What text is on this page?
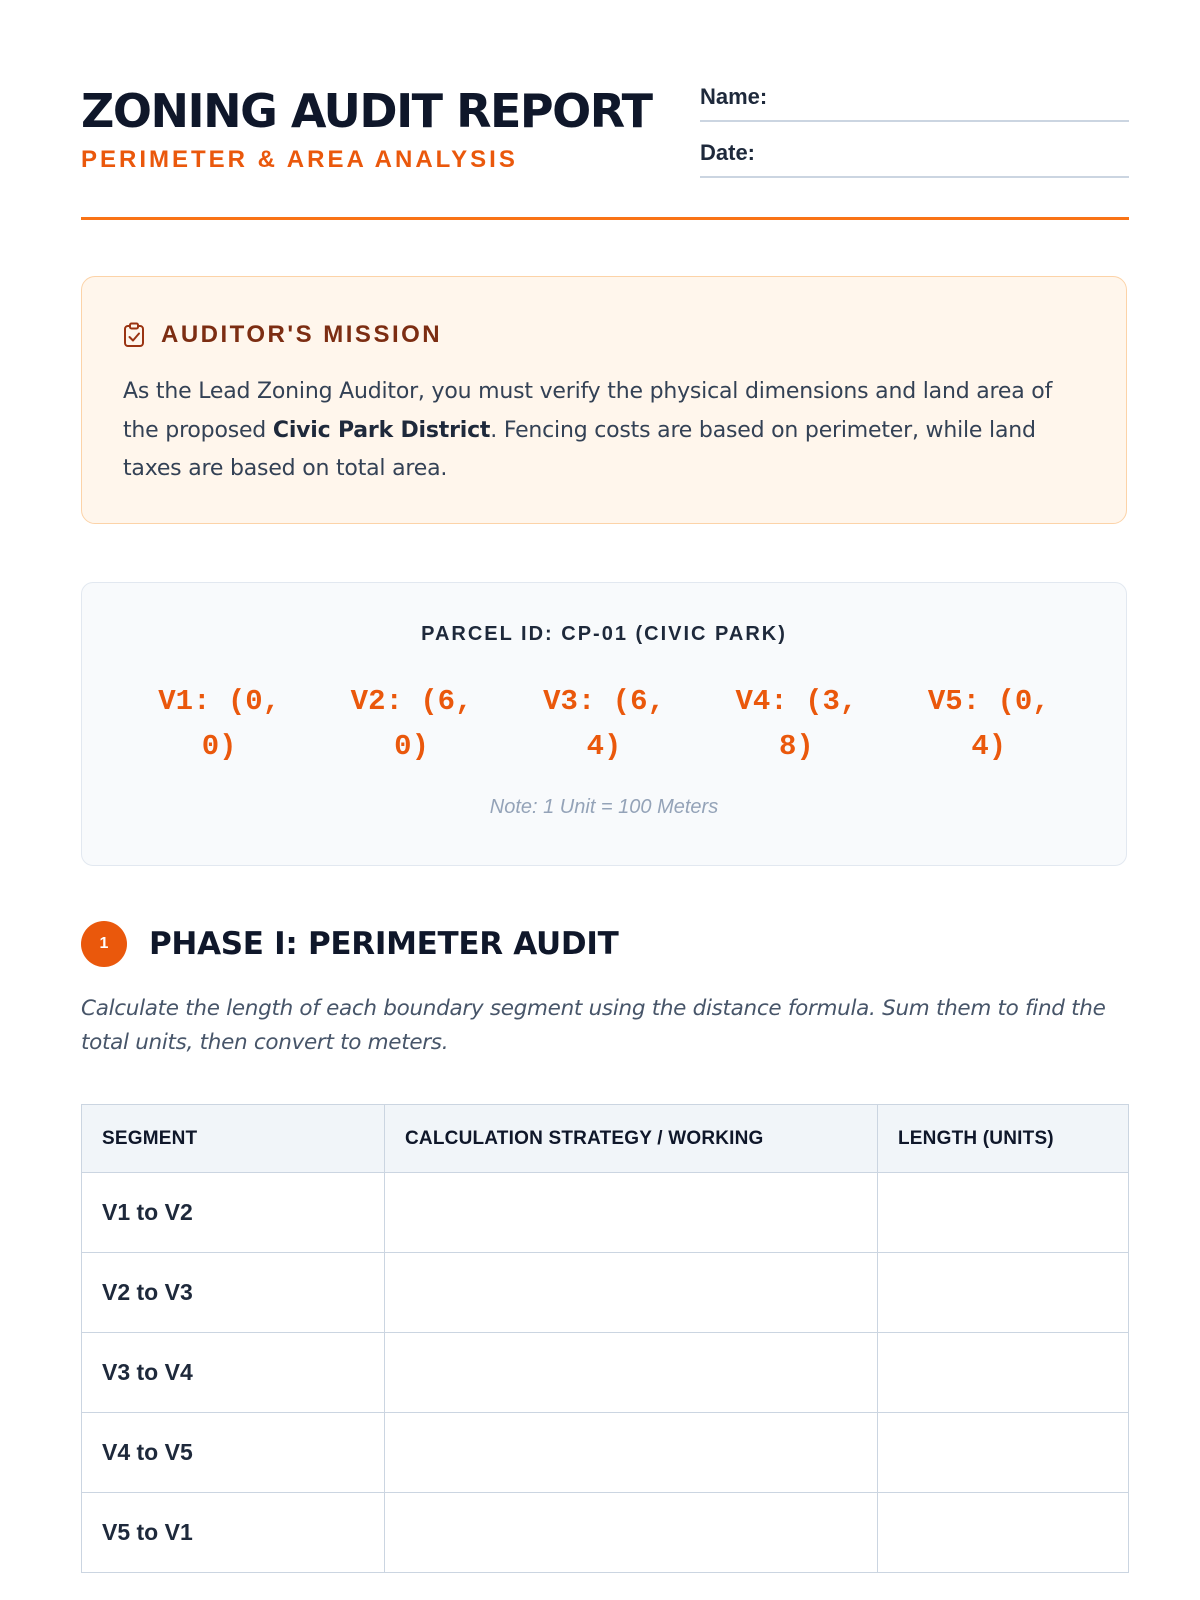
ZONING AUDIT REPORT
PERIMETER & AREA ANALYSIS
Name:
Date:
AUDITOR'S MISSION
As the Lead Zoning Auditor, you must verify the physical dimensions and land area of the proposed Civic Park District. Fencing costs are based on perimeter, while land taxes are based on total area.
PARCEL ID: CP-01 (CIVIC PARK)
V1: (0,
0)
V2: (6,
0)
V3: (6,
4)
V4: (3,
8)
V5: (0,
4)
Note: 1 Unit = 100 Meters
1	PHASE I: PERIMETER AUDIT
Calculate the length of each boundary segment using the distance formula. Sum them to find the total units, then convert to meters.
SEGMENT	CALCULATION STRATEGY / WORKING	LENGTH (UNITS)
V1 to V2		
V2 to V3		
V3 to V4		
V4 to V5		
V5 to V1		
